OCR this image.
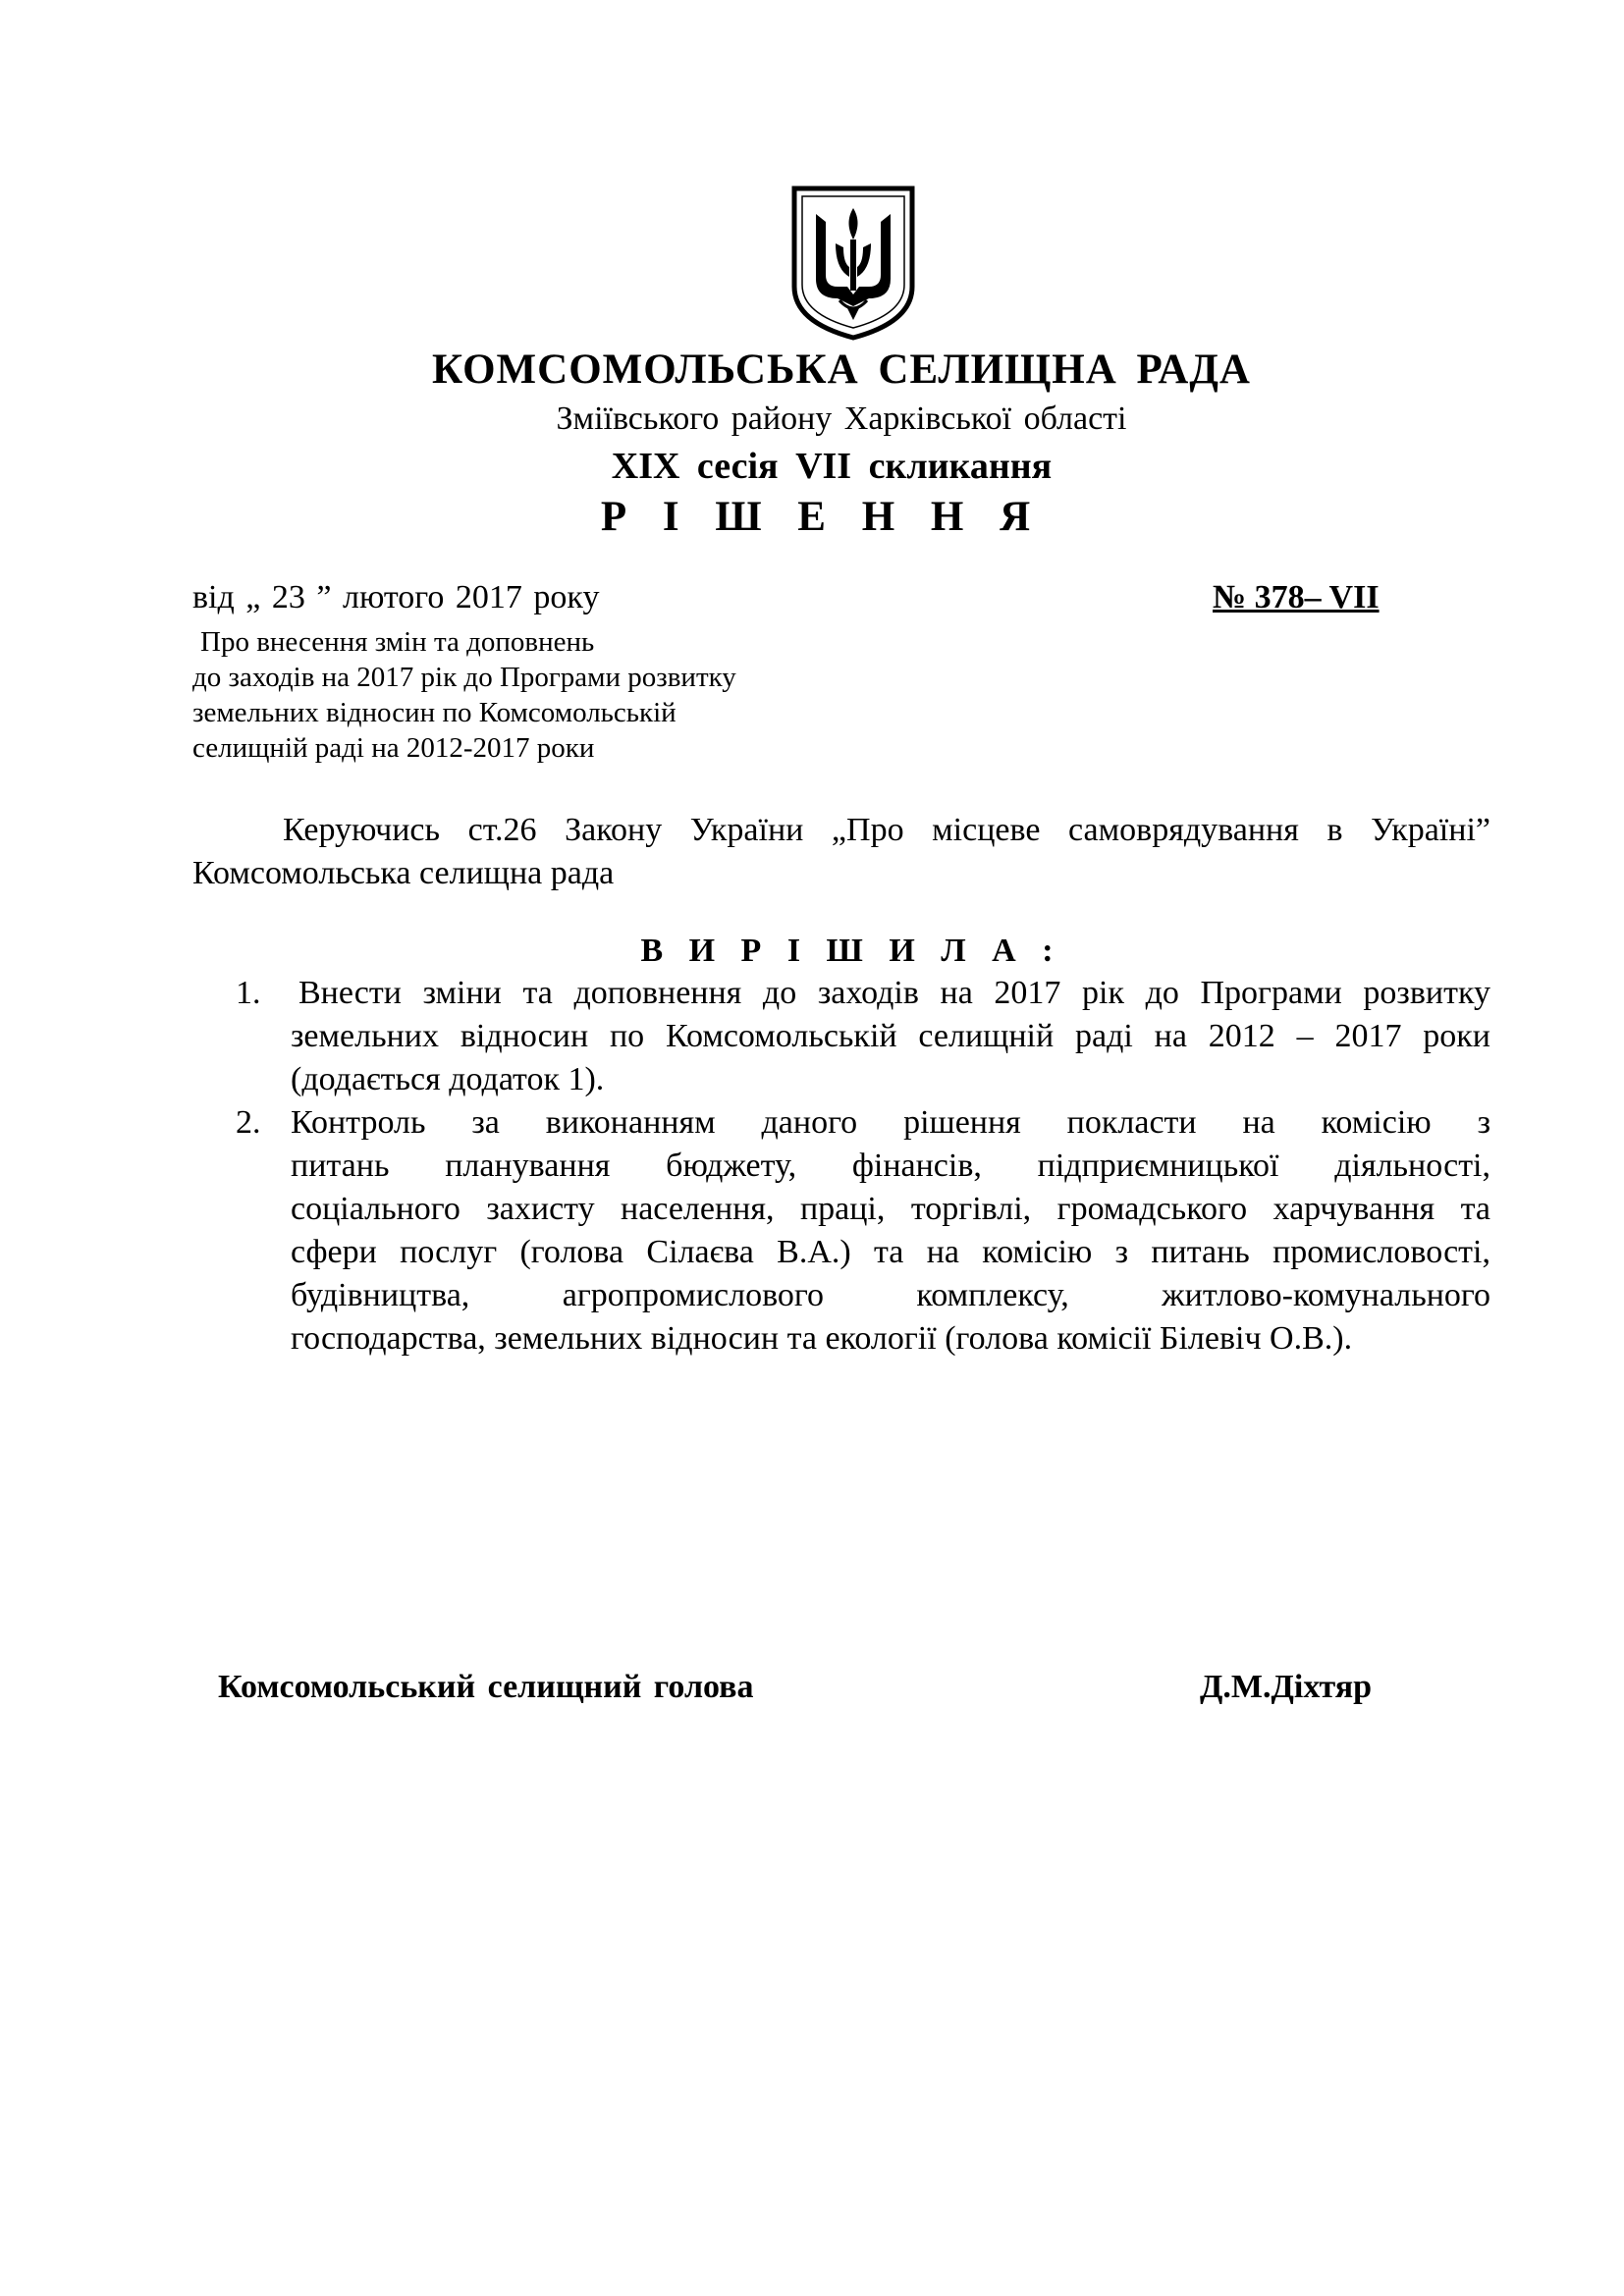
КОМСОМОЛЬСЬКА СЕЛИЩНА РАДА
Зміївського району Харківської області
XIX сесія VII скликання
Р І Ш Е Н Н Я
від „ 23 ” лютого 2017 року	№ 378– VII
Про внесення змін та доповнень
до заходів на 2017 рік до Програми розвитку
земельних відносин по Комсомольській
селищній раді на 2012-2017 роки
Керуючись ст.26 Закону України „Про місцеве самоврядування в Україні”
Комсомольська селищна рада
В И Р І Ш И Л А :
1. Внести зміни та доповнення до заходів на 2017 рік до Програми розвитку
земельних відносин по Комсомольській селищній раді на 2012 – 2017 роки
(додається додаток 1).
2. Контроль за виконанням даного рішення покласти на комісію з
питань планування бюджету, фінансів, підприємницької діяльності,
соціального захисту населення, праці, торгівлі, громадського харчування та
сфери послуг (голова Сілаєва В.А.) та на комісію з питань промисловості,
будівництва, агропромислового комплексу, житлово-комунального
господарства, земельних відносин та екології (голова комісії Білевіч О.В.).
Комсомольський селищний голова	Д.М.Діхтяр
